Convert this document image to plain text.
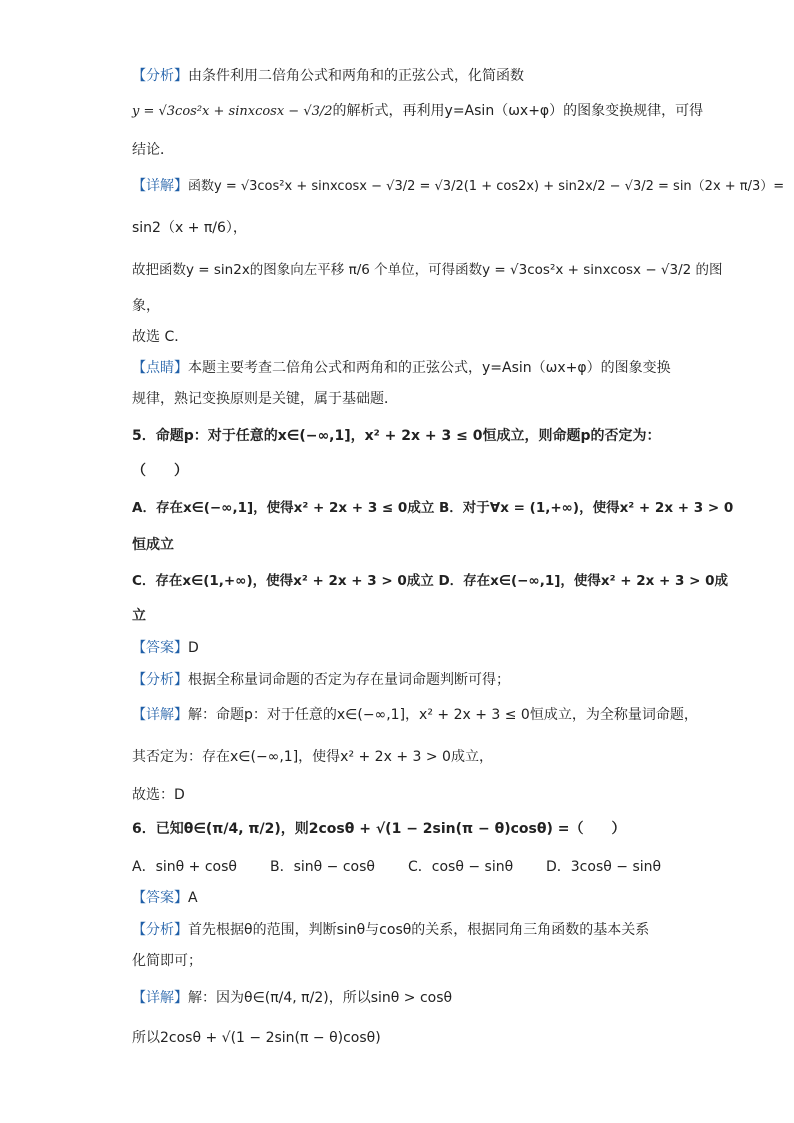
【分析】由条件利用二倍角公式和两角和的正弦公式，化简函数
y = √3cos²x + sinxcosx − √3/2的解析式，再利用y=Asin（ωx+φ）的图象变换规律，可得
结论．
【详解】函数y = √3cos²x + sinxcosx − √3/2 = √3/2(1 + cos2x) + sin2x/2 − √3/2 = sin（2x + π/3）=
sin2（x + π/6），
故把函数y = sin2x的图象向左平移 π/6 个单位，可得函数y = √3cos²x + sinxcosx − √3/2 的图
象，
故选 C．
【点睛】本题主要考查二倍角公式和两角和的正弦公式，y=Asin（ωx+φ）的图象变换
规律，熟记变换原则是关键，属于基础题．
5．命题p：对于任意的x∈(−∞,1]，x² + 2x + 3 ≤ 0恒成立，则命题p的否定为：
（　　）
A．存在x∈(−∞,1]，使得x² + 2x + 3 ≤ 0成立 B．对于∀x = (1,+∞)，使得x² + 2x + 3 > 0
恒成立
C．存在x∈(1,+∞)，使得x² + 2x + 3 > 0成立 D．存在x∈(−∞,1]，使得x² + 2x + 3 > 0成
立
【答案】D
【分析】根据全称量词命题的否定为存在量词命题判断可得；
【详解】解：命题p：对于任意的x∈(−∞,1]，x² + 2x + 3 ≤ 0恒成立，为全称量词命题，
其否定为：存在x∈(−∞,1]，使得x² + 2x + 3 > 0成立，
故选：D
6．已知θ∈(π/4, π/2)，则2cosθ + √(1 − 2sin(π − θ)cosθ) =（　　）
A．sinθ + cosθ B．sinθ − cosθ C．cosθ − sinθ D．3cosθ − sinθ
【答案】A
【分析】首先根据θ的范围，判断sinθ与cosθ的关系，根据同角三角函数的基本关系
化简即可；
【详解】解：因为θ∈(π/4, π/2)，所以sinθ > cosθ
所以2cosθ + √(1 − 2sin(π − θ)cosθ)
